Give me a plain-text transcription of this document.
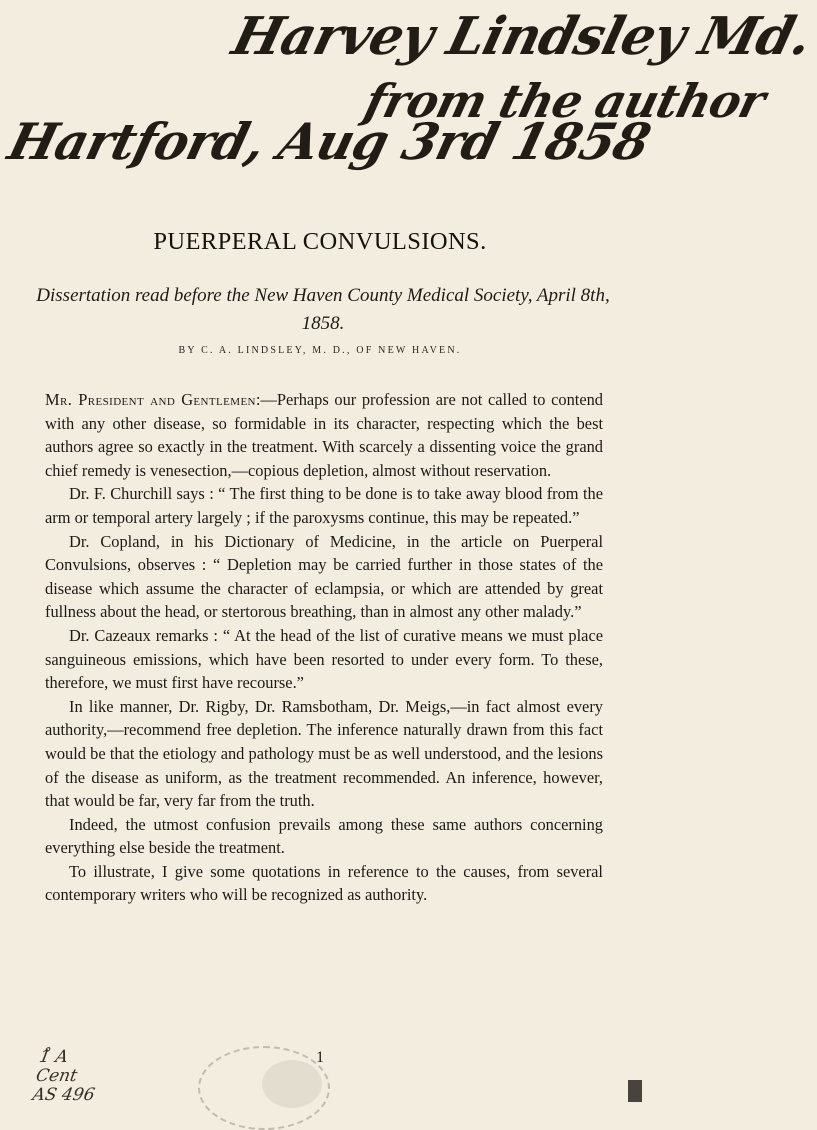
Harvey Lindsley Md.
from the author
Hartford, Aug 3rd 1858
PUERPERAL CONVULSIONS.
Dissertation read before the New Haven County Medical Society, April 8th, 1858.
BY C. A. LINDSLEY, M. D., OF NEW HAVEN.

Mr. President and Gentlemen:—Perhaps our profession are not called to contend with any other disease, so formidable in its character, respecting which the best authors agree so exactly in the treatment. With scarcely a dissenting voice the grand chief remedy is venesection,—copious depletion, almost without reservation.

Dr. F. Churchill says : “ The first thing to be done is to take away blood from the arm or temporal artery largely ; if the paroxysms continue, this may be repeated.”

Dr. Copland, in his Dictionary of Medicine, in the article on Puerperal Convulsions, observes : “ Depletion may be carried further in those states of the disease which assume the character of eclampsia, or which are attended by great fullness about the head, or stertorous breathing, than in almost any other malady.”

Dr. Cazeaux remarks : “ At the head of the list of curative means we must place sanguineous emissions, which have been resorted to under every form. To these, therefore, we must first have recourse.”

In like manner, Dr. Rigby, Dr. Ramsbotham, Dr. Meigs,—in fact almost every authority,—recommend free depletion. The inference naturally drawn from this fact would be that the etiology and pathology must be as well understood, and the lesions of the disease as uniform, as the treatment recommended. An inference, however, that would be far, very far from the truth.

Indeed, the utmost confusion prevails among these same authors concerning everything else beside the treatment.

To illustrate, I give some quotations in reference to the causes, from several contemporary writers who will be recognized as authority.

1̊ A
Cent
AS 496
1
